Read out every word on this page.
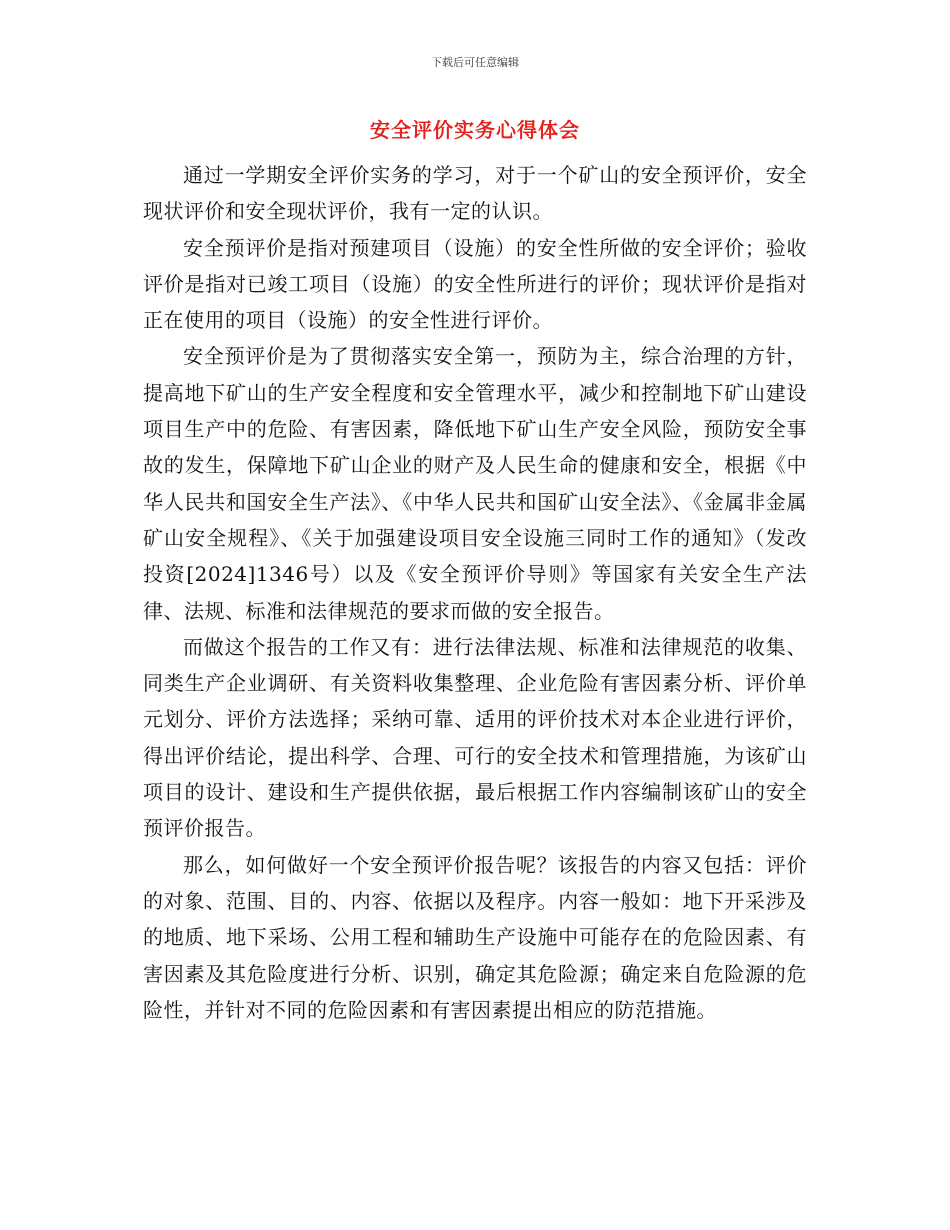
下载后可任意编辑
安全评价实务心得体会

通过一学期安全评价实务的学习，对于一个矿山的安全预评价，安全现状评价和安全现状评价，我有一定的认识。

安全预评价是指对预建项目（设施）的安全性所做的安全评价；验收评价是指对已竣工项目（设施）的安全性所进行的评价；现状评价是指对正在使用的项目（设施）的安全性进行评价。

安全预评价是为了贯彻落实安全第一，预防为主，综合治理的方针，提高地下矿山的生产安全程度和安全管理水平，减少和控制地下矿山建设项目生产中的危险、有害因素，降低地下矿山生产安全风险，预防安全事故的发生，保障地下矿山企业的财产及人民生命的健康和安全，根据《中华人民共和国安全生产法》、《中华人民共和国矿山安全法》、《金属非金属矿山安全规程》、《关于加强建设项目安全设施三同时工作的通知》（发改投资[2024]1346号）以及《安全预评价导则》等国家有关安全生产法律、法规、标准和法律规范的要求而做的安全报告。

而做这个报告的工作又有：进行法律法规、标准和法律规范的收集、同类生产企业调研、有关资料收集整理、企业危险有害因素分析、评价单元划分、评价方法选择；采纳可靠、适用的评价技术对本企业进行评价，得出评价结论，提出科学、合理、可行的安全技术和管理措施，为该矿山项目的设计、建设和生产提供依据，最后根据工作内容编制该矿山的安全预评价报告。

那么，如何做好一个安全预评价报告呢？该报告的内容又包括：评价的对象、范围、目的、内容、依据以及程序。内容一般如：地下开采涉及的地质、地下采场、公用工程和辅助生产设施中可能存在的危险因素、有害因素及其危险度进行分析、识别，确定其危险源；确定来自危险源的危险性，并针对不同的危险因素和有害因素提出相应的防范措施。
